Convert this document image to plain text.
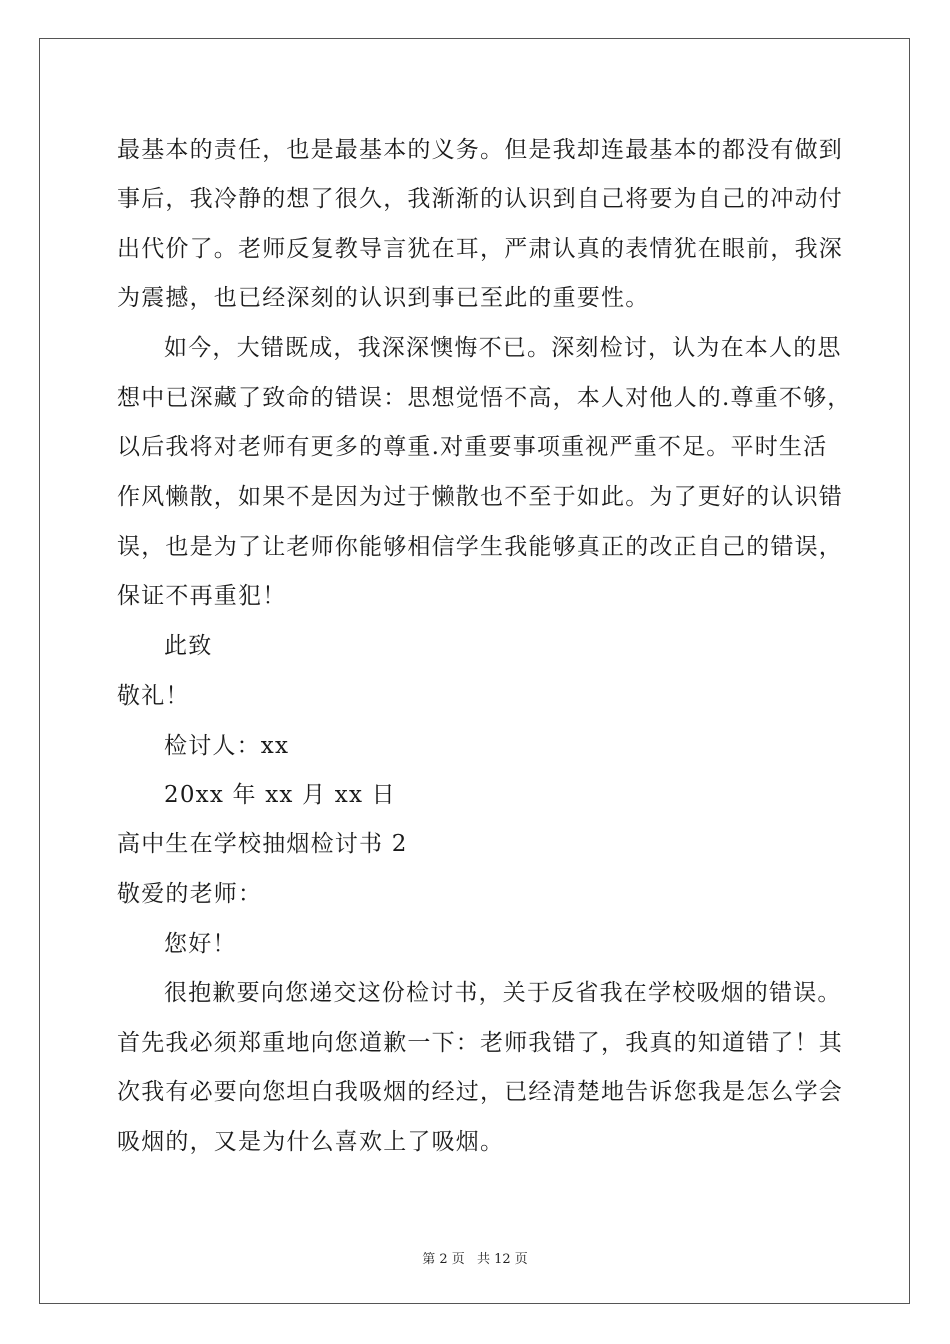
最基本的责任，也是最基本的义务。但是我却连最基本的都没有做到
事后，我冷静的想了很久，我渐渐的认识到自己将要为自己的冲动付
出代价了。老师反复教导言犹在耳，严肃认真的表情犹在眼前，我深
为震撼，也已经深刻的认识到事已至此的重要性。
如今，大错既成，我深深懊悔不已。深刻检讨，认为在本人的思
想中已深藏了致命的错误：思想觉悟不高，本人对他人的.尊重不够，
以后我将对老师有更多的尊重.对重要事项重视严重不足。平时生活
作风懒散，如果不是因为过于懒散也不至于如此。为了更好的认识错
误，也是为了让老师你能够相信学生我能够真正的改正自己的错误，
保证不再重犯！
此致
敬礼！
检讨人：xx
20xx 年 xx 月 xx 日
高中生在学校抽烟检讨书 2
敬爱的老师：
您好！
很抱歉要向您递交这份检讨书，关于反省我在学校吸烟的错误。
首先我必须郑重地向您道歉一下：老师我错了，我真的知道错了！其
次我有必要向您坦白我吸烟的经过，已经清楚地告诉您我是怎么学会
吸烟的，又是为什么喜欢上了吸烟。
第 2 页 共 12 页
